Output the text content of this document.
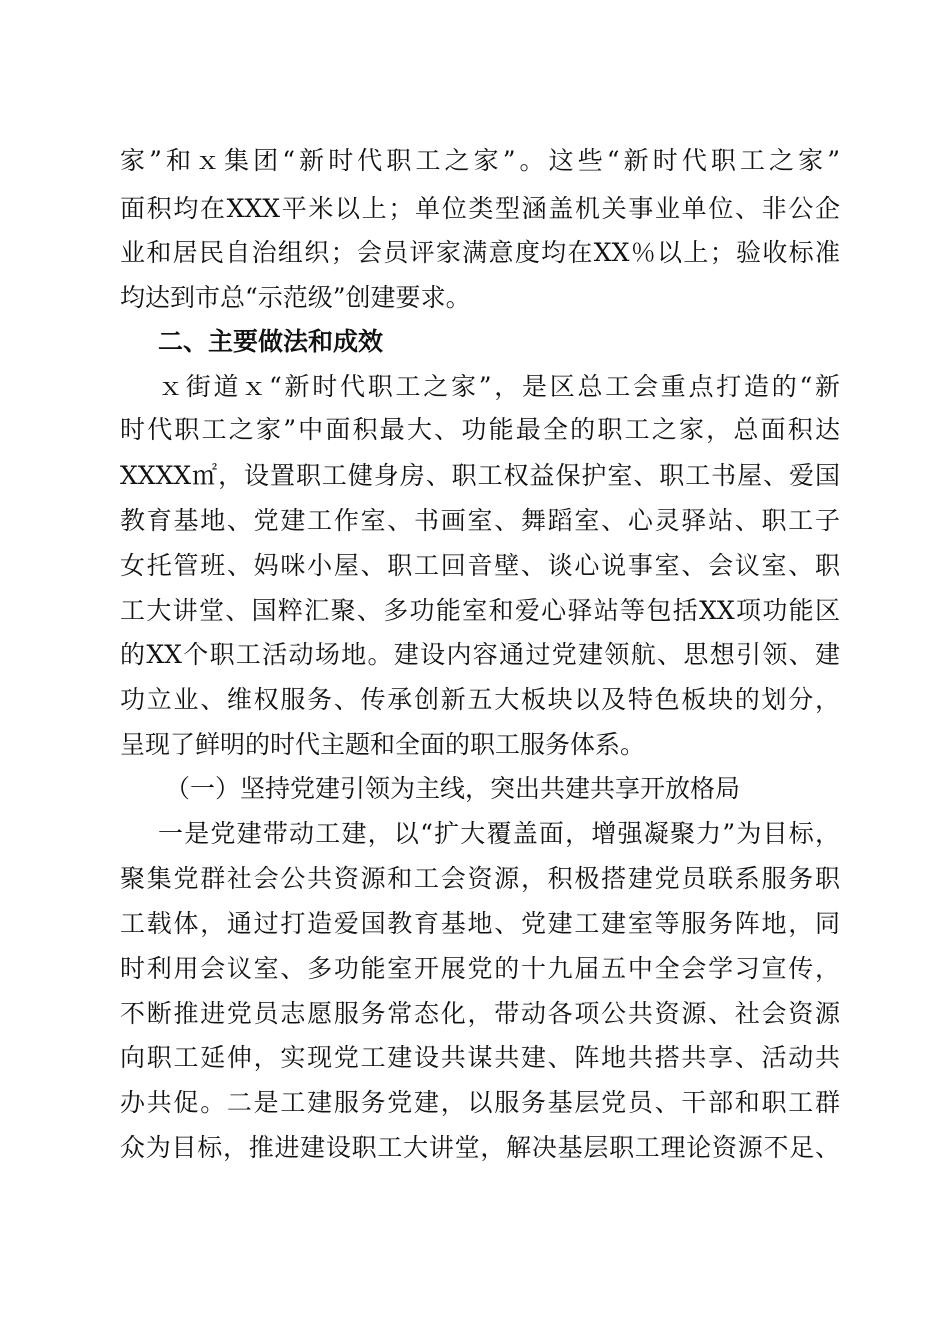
家”和ｘ集团“新时代职工之家”。这些“新时代职工之家”
面积均在XXX平米以上；单位类型涵盖机关事业单位、非公企
业和居民自治组织；会员评家满意度均在XX％以上；验收标准
均达到市总“示范级”创建要求。
二、主要做法和成效
ｘ街道ｘ“新时代职工之家”，是区总工会重点打造的“新
时代职工之家”中面积最大、功能最全的职工之家，总面积达
XXXX㎡，设置职工健身房、职工权益保护室、职工书屋、爱国
教育基地、党建工作室、书画室、舞蹈室、心灵驿站、职工子
女托管班、妈咪小屋、职工回音壁、谈心说事室、会议室、职
工大讲堂、国粹汇聚、多功能室和爱心驿站等包括XX项功能区
的XX个职工活动场地。建设内容通过党建领航、思想引领、建
功立业、维权服务、传承创新五大板块以及特色板块的划分，
呈现了鲜明的时代主题和全面的职工服务体系。
（一）坚持党建引领为主线，突出共建共享开放格局
一是党建带动工建，以“扩大覆盖面，增强凝聚力”为目标，
聚集党群社会公共资源和工会资源，积极搭建党员联系服务职
工载体，通过打造爱国教育基地、党建工建室等服务阵地，同
时利用会议室、多功能室开展党的十九届五中全会学习宣传，
不断推进党员志愿服务常态化，带动各项公共资源、社会资源
向职工延伸，实现党工建设共谋共建、阵地共搭共享、活动共
办共促。二是工建服务党建，以服务基层党员、干部和职工群
众为目标，推进建设职工大讲堂，解决基层职工理论资源不足、
